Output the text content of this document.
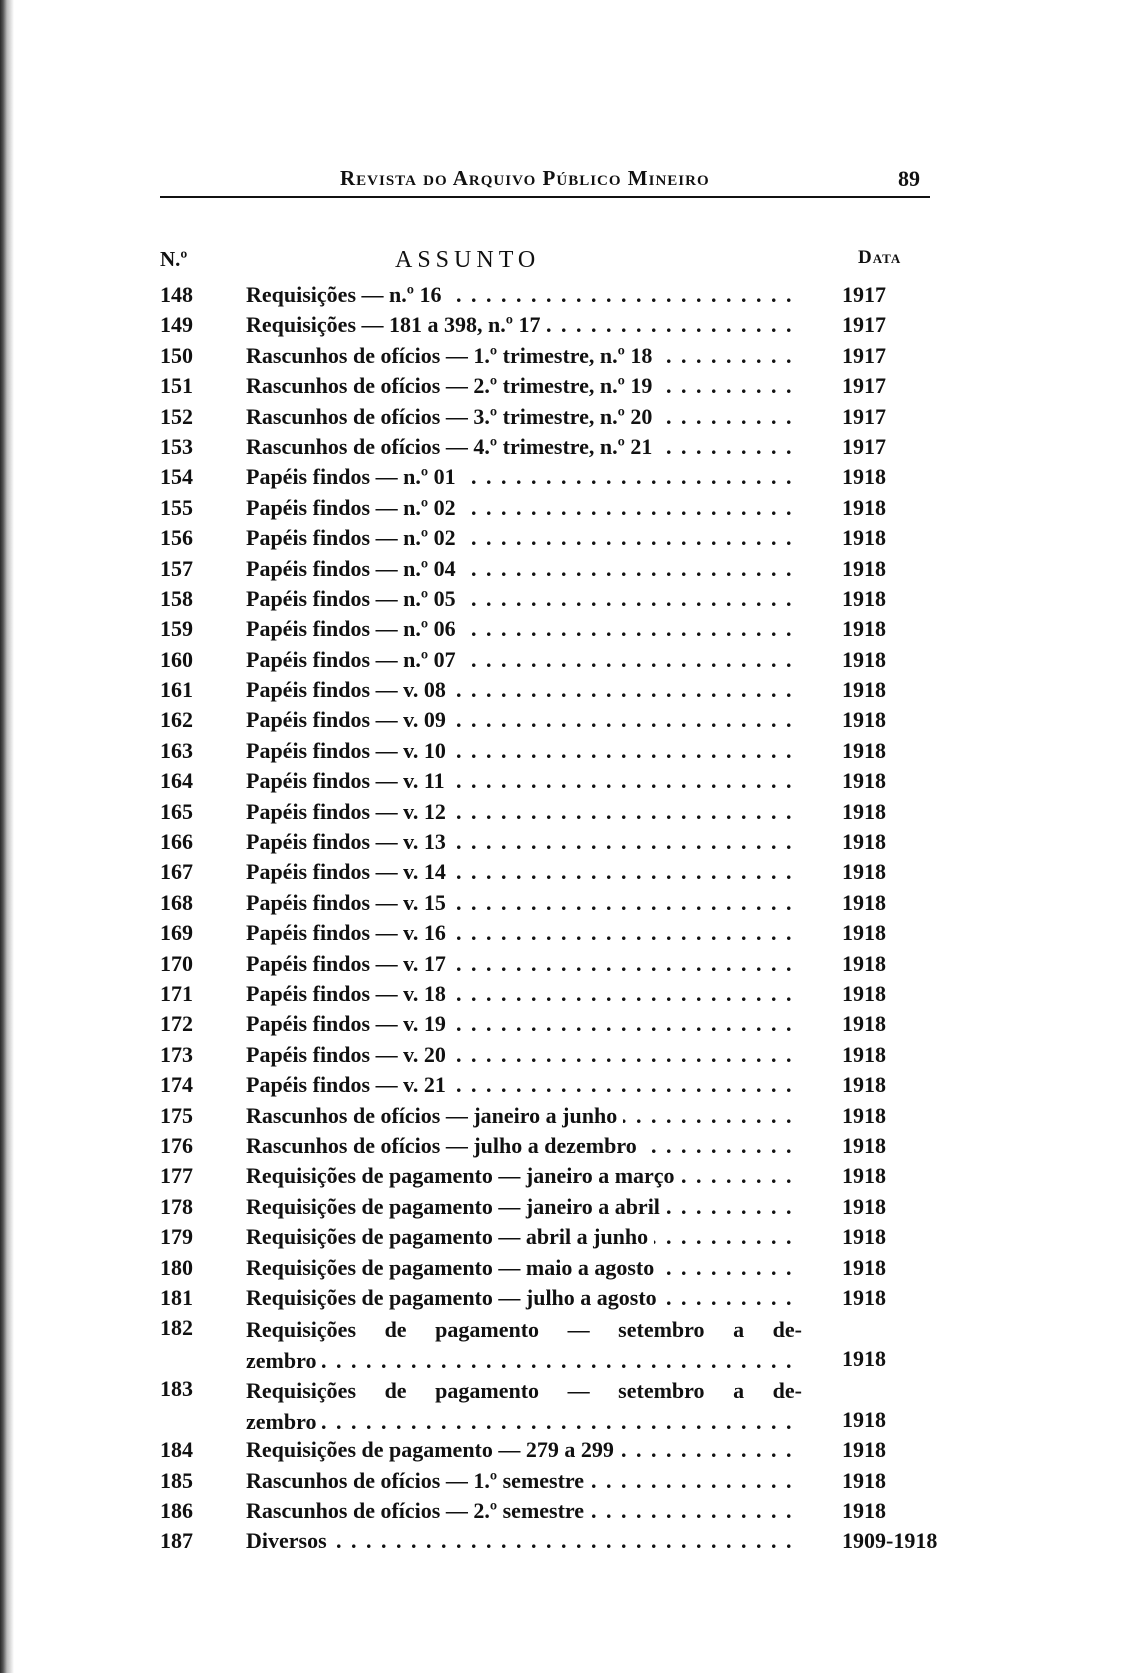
Revista do Arquivo Público Mineiro	89
N.º	ASSUNTO	Data
148	Requisições — n.º 16 . . .	1917
149	Requisições — 181 a 398, n.º 17 . . .	1917
150	Rascunhos de ofícios — 1.º trimestre, n.º 18 . . .	1917
151	Rascunhos de ofícios — 2.º trimestre, n.º 19 . . .	1917
152	Rascunhos de ofícios — 3.º trimestre, n.º 20 . . .	1917
153	Rascunhos de ofícios — 4.º trimestre, n.º 21 . . .	1917
154	Papéis findos — n.º 01 . . .	1918
155	Papéis findos — n.º 02 . . .	1918
156	Papéis findos — n.º 02 . . .	1918
157	Papéis findos — n.º 04 . . .	1918
158	Papéis findos — n.º 05 . . .	1918
159	Papéis findos — n.º 06 . . .	1918
160	Papéis findos — n.º 07 . . .	1918
161	Papéis findos — v. 08 . . .	1918
162	Papéis findos — v. 09 . . .	1918
163	Papéis findos — v. 10 . . .	1918
164	Papéis findos — v. 11 . . .	1918
165	Papéis findos — v. 12 . . .	1918
166	Papéis findos — v. 13 . . .	1918
167	Papéis findos — v. 14 . . .	1918
168	Papéis findos — v. 15 . . .	1918
169	Papéis findos — v. 16 . . .	1918
170	Papéis findos — v. 17 . . .	1918
171	Papéis findos — v. 18 . . .	1918
172	Papéis findos — v. 19 . . .	1918
173	Papéis findos — v. 20 . . .	1918
174	Papéis findos — v. 21 . . .	1918
175	Rascunhos de ofícios — janeiro a junho . . .	1918
176	Rascunhos de ofícios — julho a dezembro . . .	1918
177	Requisições de pagamento — janeiro a março . . .	1918
178	Requisições de pagamento — janeiro a abril . . .	1918
179	Requisições de pagamento — abril a junho . . .	1918
180	Requisições de pagamento — maio a agosto . . .	1918
181	Requisições de pagamento — julho a agosto . . .	1918
182	Requisições de pagamento — setembro a de-
zembro . . .	1918
183	Requisições de pagamento — setembro a de-
zembro . . .	1918
184	Requisições de pagamento — 279 a 299 . . .	1918
185	Rascunhos de ofícios — 1.º semestre . . .	1918
186	Rascunhos de ofícios — 2.º semestre . . .	1918
187	Diversos . . .	1909-1918
